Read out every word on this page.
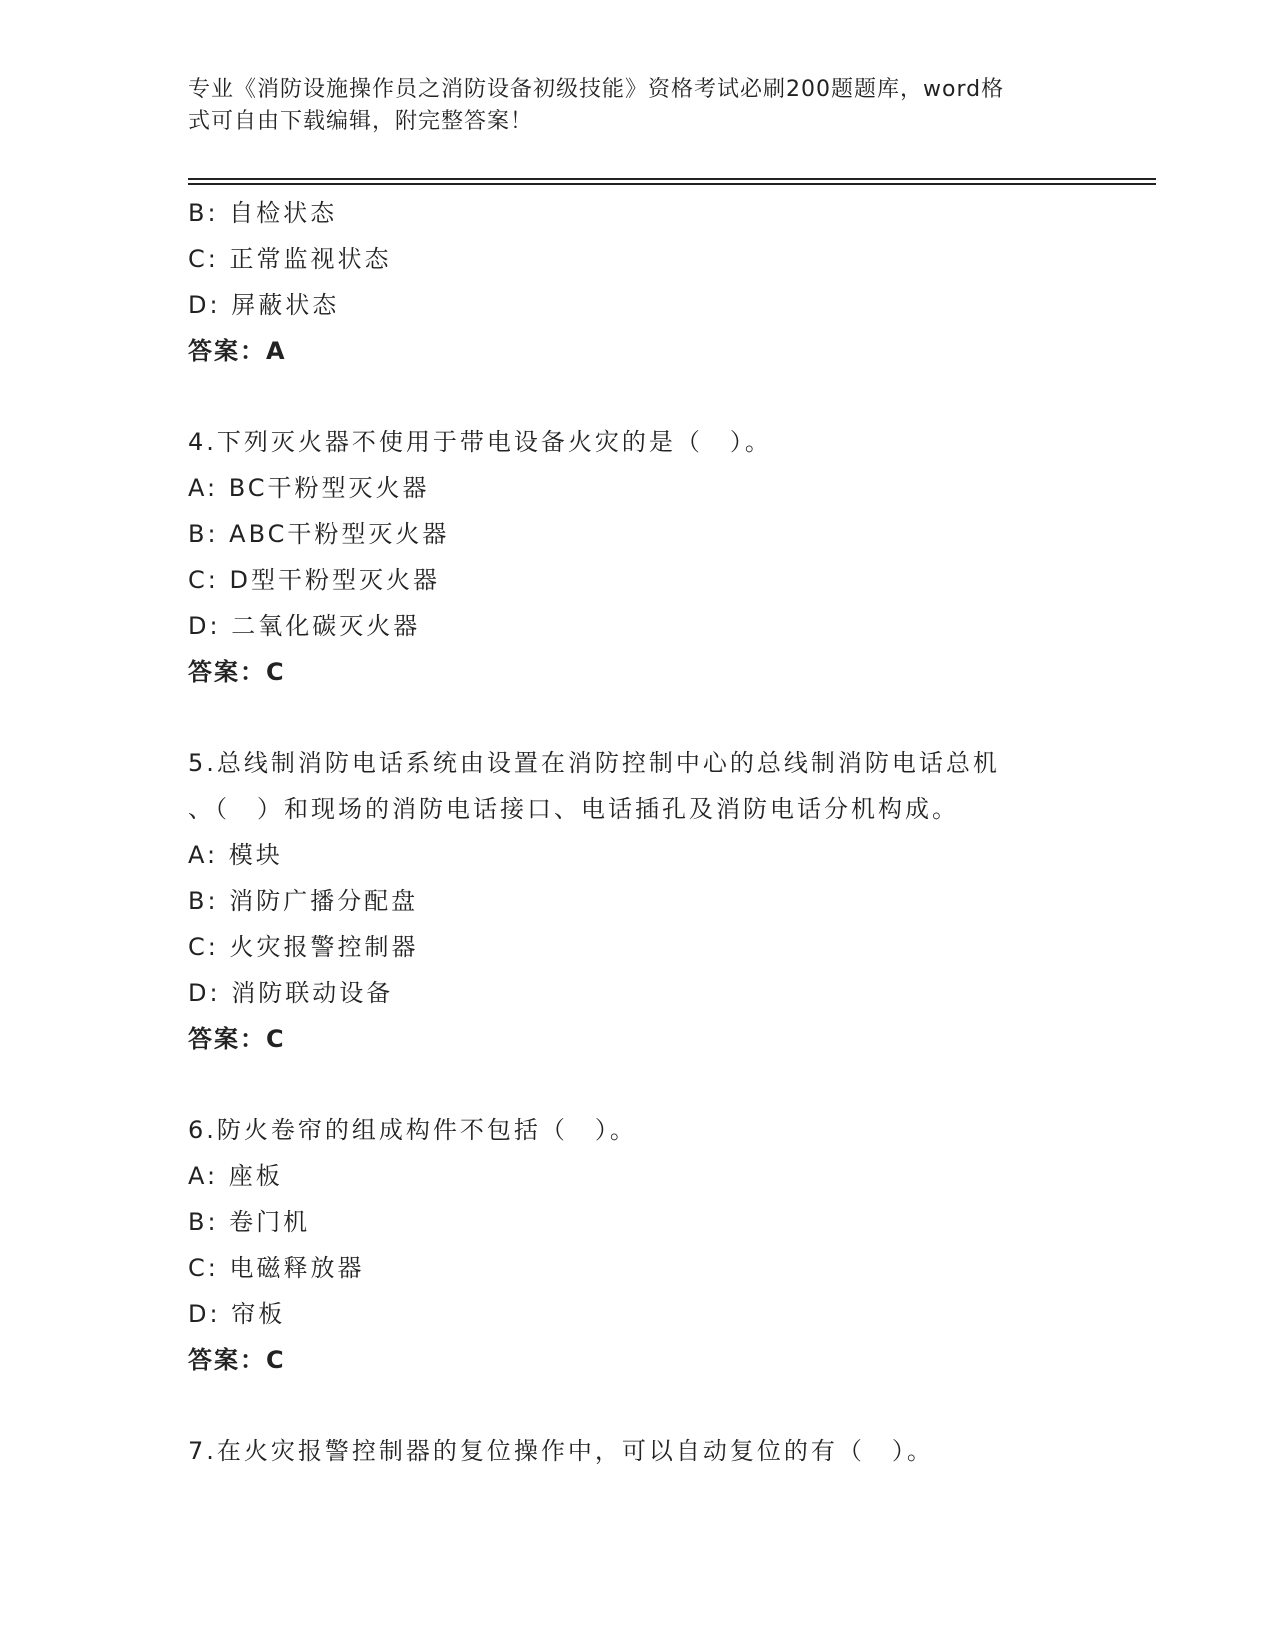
专业《消防设施操作员之消防设备初级技能》资格考试必刷200题题库，word格
式可自由下载编辑，附完整答案！
B: 自检状态
C: 正常监视状态
D: 屏蔽状态
答案：A
4.下列灭火器不使用于带电设备火灾的是（　）。
A: BC干粉型灭火器
B: ABC干粉型灭火器
C: D型干粉型灭火器
D: 二氧化碳灭火器
答案：C
5.总线制消防电话系统由设置在消防控制中心的总线制消防电话总机
、（　）和现场的消防电话接口、电话插孔及消防电话分机构成。
A: 模块
B: 消防广播分配盘
C: 火灾报警控制器
D: 消防联动设备
答案：C
6.防火卷帘的组成构件不包括（　）。
A: 座板
B: 卷门机
C: 电磁释放器
D: 帘板
答案：C
7.在火灾报警控制器的复位操作中，可以自动复位的有（　）。
